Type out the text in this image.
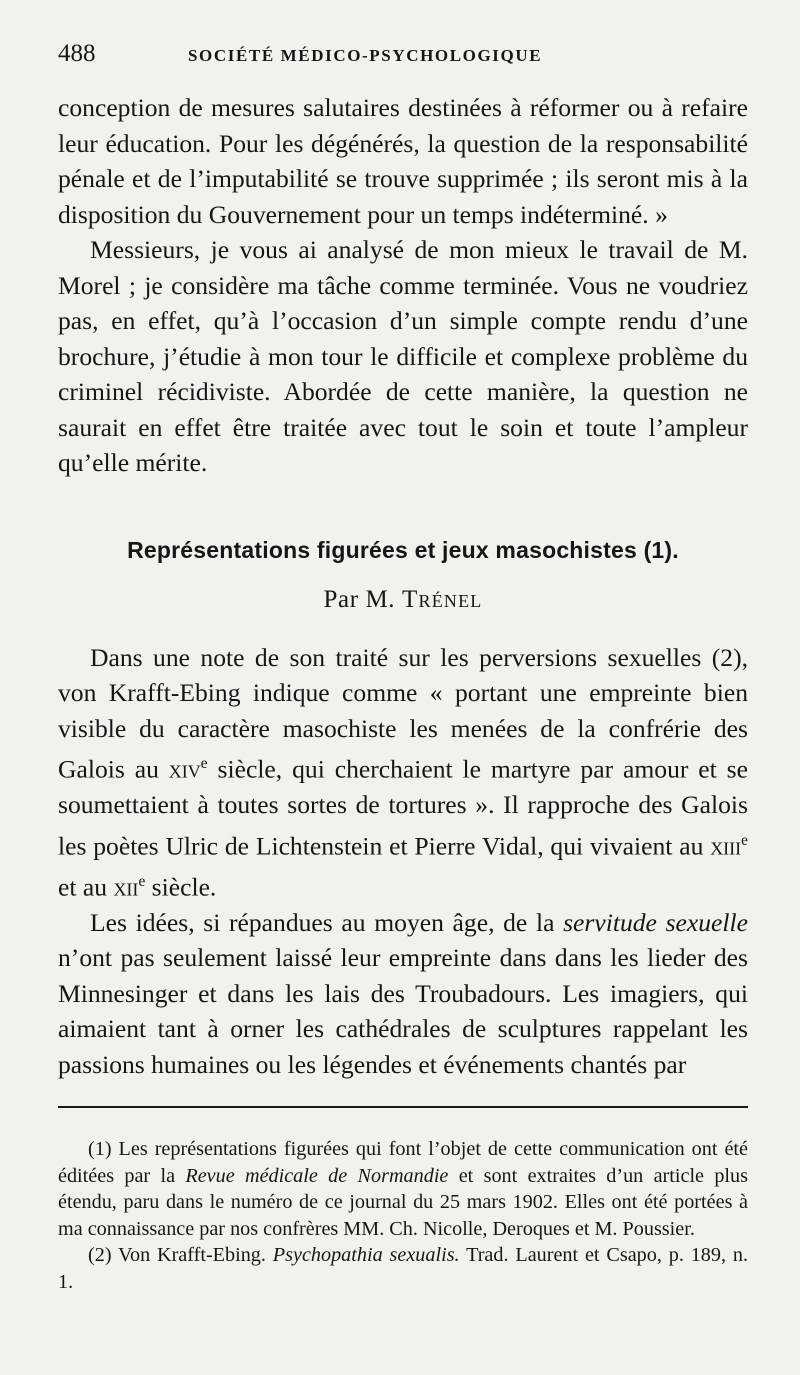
488	SOCIÉTÉ MÉDICO-PSYCHOLOGIQUE

conception de mesures salutaires destinées à réformer ou à refaire leur éducation. Pour les dégénérés, la question de la responsabilité pénale et de l’imputabilité se trouve supprimée ; ils seront mis à la disposition du Gouvernement pour un temps indéterminé. »

Messieurs, je vous ai analysé de mon mieux le travail de M. Morel ; je considère ma tâche comme terminée. Vous ne voudriez pas, en effet, qu’à l’occasion d’un simple compte rendu d’une brochure, j’étudie à mon tour le difficile et complexe problème du criminel récidiviste. Abordée de cette manière, la question ne saurait en effet être traitée avec tout le soin et toute l’ampleur qu’elle mérite.

Représentations figurées et jeux masochistes (1).
Par M. Trénel

Dans une note de son traité sur les perversions sexuelles (2), von Krafft-Ebing indique comme « portant une empreinte bien visible du caractère masochiste les menées de la confrérie des Galois au xiv$^e$ siècle, qui cherchaient le martyre par amour et se soumettaient à toutes sortes de tortures ». Il rapproche des Galois les poètes Ulric de Lichtenstein et Pierre Vidal, qui vivaient au xiii$^e$ et au xii$^e$ siècle.

Les idées, si répandues au moyen âge, de la servitude sexuelle n’ont pas seulement laissé leur empreinte dans dans les lieder des Minnesinger et dans les lais des Troubadours. Les imagiers, qui aimaient tant à orner les cathédrales de sculptures rappelant les passions humaines ou les légendes et événements chantés par

(1) Les représentations figurées qui font l’objet de cette communication ont été éditées par la Revue médicale de Normandie et sont extraites d’un article plus étendu, paru dans le numéro de ce journal du 25 mars 1902. Elles ont été portées à ma connaissance par nos confrères MM. Ch. Nicolle, Deroques et M. Poussier.

(2) Von Krafft-Ebing. Psychopathia sexualis. Trad. Laurent et Csapo, p. 189, n. 1.
